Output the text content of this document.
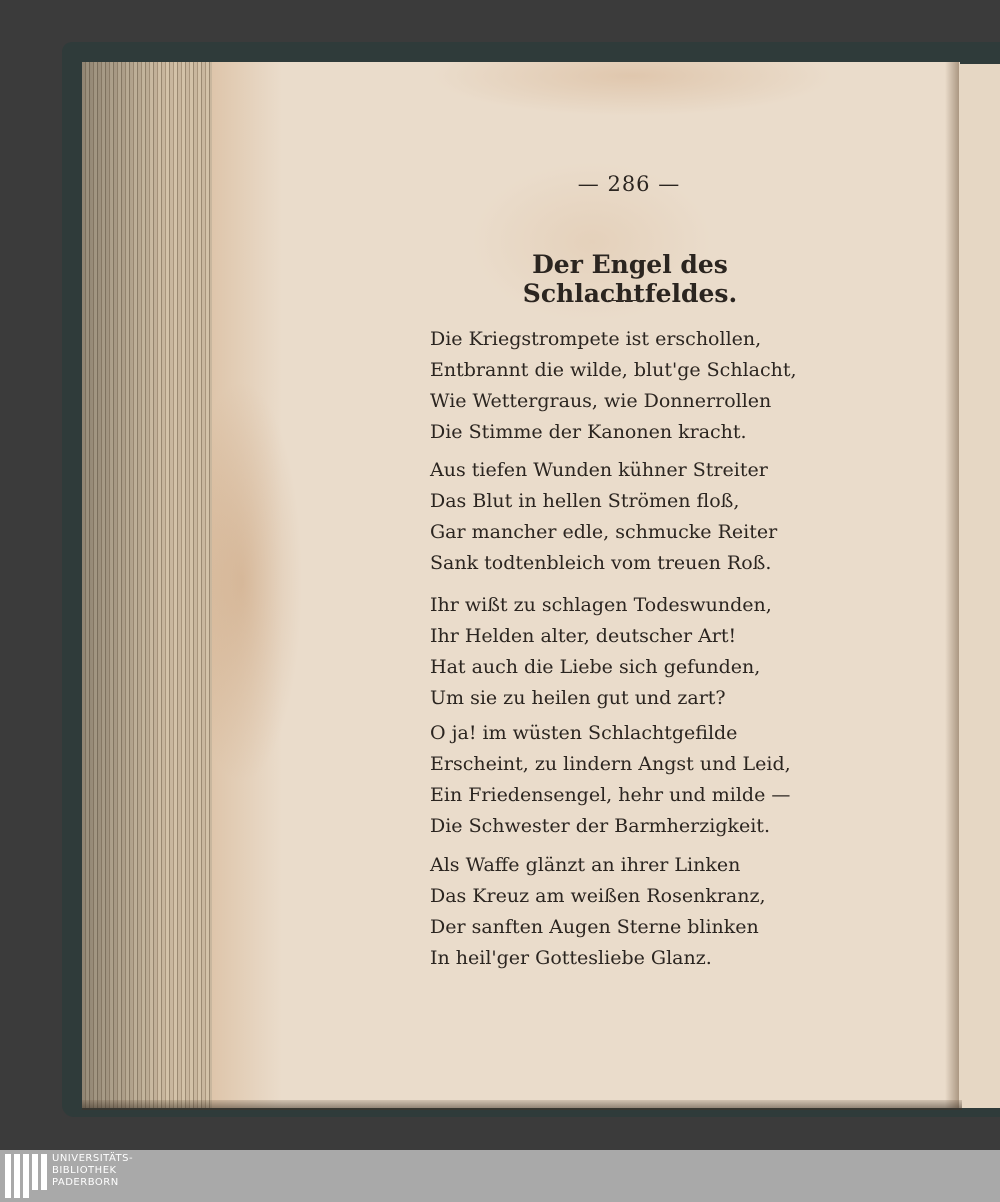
— 286 —
Der Engel des Schlachtfeldes.
Die Kriegstrompete ist erschollen,
Entbrannt die wilde, blut'ge Schlacht,
Wie Wettergraus, wie Donnerrollen
Die Stimme der Kanonen kracht.
Aus tiefen Wunden kühner Streiter
Das Blut in hellen Strömen floß,
Gar mancher edle, schmucke Reiter
Sank todtenbleich vom treuen Roß.
Ihr wißt zu schlagen Todeswunden,
Ihr Helden alter, deutscher Art!
Hat auch die Liebe sich gefunden,
Um sie zu heilen gut und zart?
O ja! im wüsten Schlachtgefilde
Erscheint, zu lindern Angst und Leid,
Ein Friedensengel, hehr und milde —
Die Schwester der Barmherzigkeit.
Als Waffe glänzt an ihrer Linken
Das Kreuz am weißen Rosenkranz,
Der sanften Augen Sterne blinken
In heil'ger Gottesliebe Glanz.
UNIVERSITÄTS-
BIBLIOTHEK
PADERBORN
